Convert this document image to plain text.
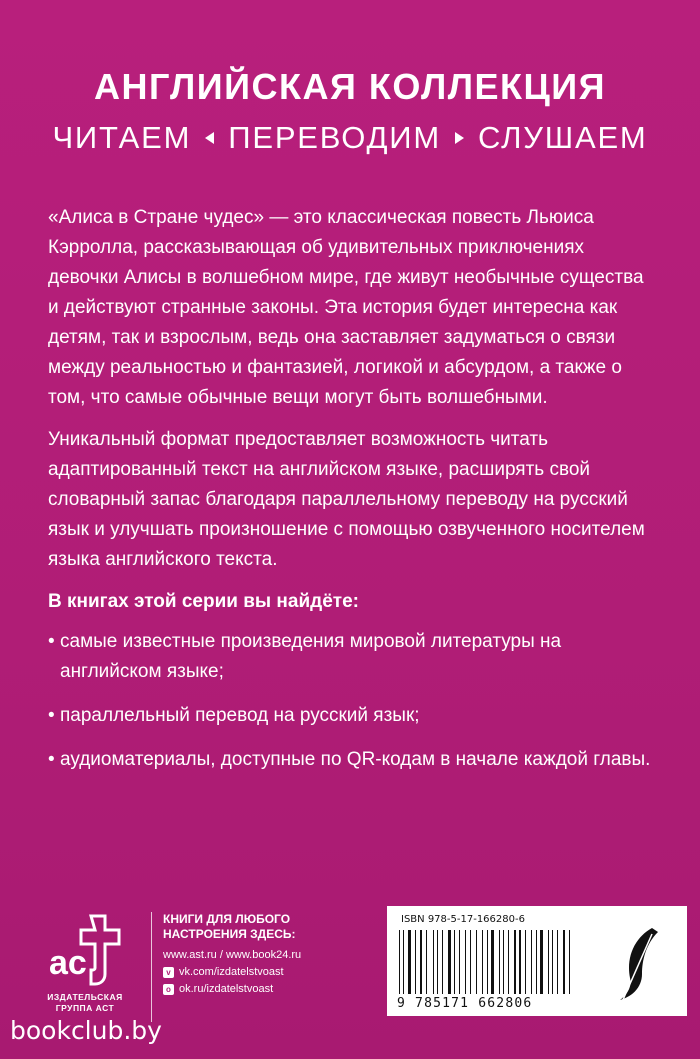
АНГЛИЙСКАЯ КОЛЛЕКЦИЯ
ЧИТАЕМ ПЕРЕВОДИМ СЛУШАЕМ

«Алиса в Стране чудес» — это классическая повесть Льюиса Кэрролла, рассказывающая об удивительных приключениях девочки Алисы в волшебном мире, где живут необычные существа и действуют странные законы. Эта история будет интересна как детям, так и взрослым, ведь она заставляет задуматься о связи между реальностью и фантазией, логикой и абсурдом, а также о том, что самые обычные вещи могут быть волшебными.

Уникальный формат предоставляет возможность читать адаптированный текст на английском языке, расширять свой словарный запас благодаря параллельному переводу на русский язык и улучшать произношение с помощью озвученного носителем языка английского текста.

В книгах этой серии вы найдёте:

• самые известные произведения мировой литературы на английском языке;
• параллельный перевод на русский язык;
• аудиоматериалы, доступные по QR-кодам в начале каждой главы.
ac
ИЗДАТЕЛЬСКАЯ
ГРУППА АСТ
КНИГИ ДЛЯ ЛЮБОГО
НАСТРОЕНИЯ ЗДЕСЬ:
www.ast.ru / www.book24.ru
v vk.com/izdatelstvoast
o ok.ru/izdatelstvoast
ISBN 978-5-17-166280-6
9 785171 662806
bookclub.by
